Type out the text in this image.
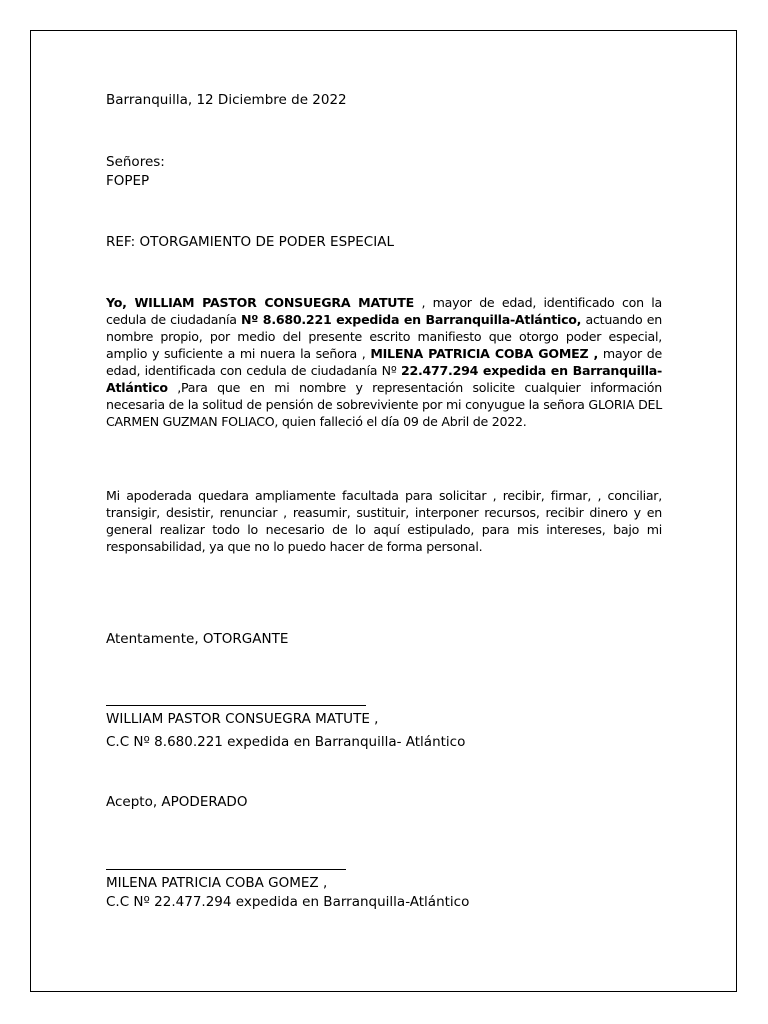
Barranquilla, 12 Diciembre de 2022
Señores:
FOPEP
REF: OTORGAMIENTO DE PODER ESPECIAL
Yo, WILLIAM PASTOR CONSUEGRA MATUTE , mayor de edad, identificado con la cedula de ciudadanía Nº 8.680.221 expedida en Barranquilla-Atlántico, actuando en nombre propio, por medio del presente escrito manifiesto que otorgo poder especial, amplio y suficiente a mi nuera la señora , MILENA PATRICIA COBA GOMEZ , mayor de edad, identificada con cedula de ciudadanía Nº 22.477.294 expedida en Barranquilla-Atlántico ,Para que en mi nombre y representación solicite cualquier información necesaria de la solitud de pensión de sobreviviente por mi conyugue la señora GLORIA DEL CARMEN GUZMAN FOLIACO, quien falleció el día 09 de Abril de 2022.
Mi apoderada quedara ampliamente facultada para solicitar , recibir, firmar, , conciliar, transigir, desistir, renunciar , reasumir, sustituir, interponer recursos, recibir dinero y en general realizar todo lo necesario de lo aquí estipulado, para mis intereses, bajo mi responsabilidad, ya que no lo puedo hacer de forma personal.
Atentamente, OTORGANTE
WILLIAM PASTOR CONSUEGRA MATUTE ,
C.C Nº 8.680.221 expedida en Barranquilla- Atlántico
Acepto, APODERADO
MILENA PATRICIA COBA GOMEZ ,
C.C Nº 22.477.294 expedida en Barranquilla-Atlántico
